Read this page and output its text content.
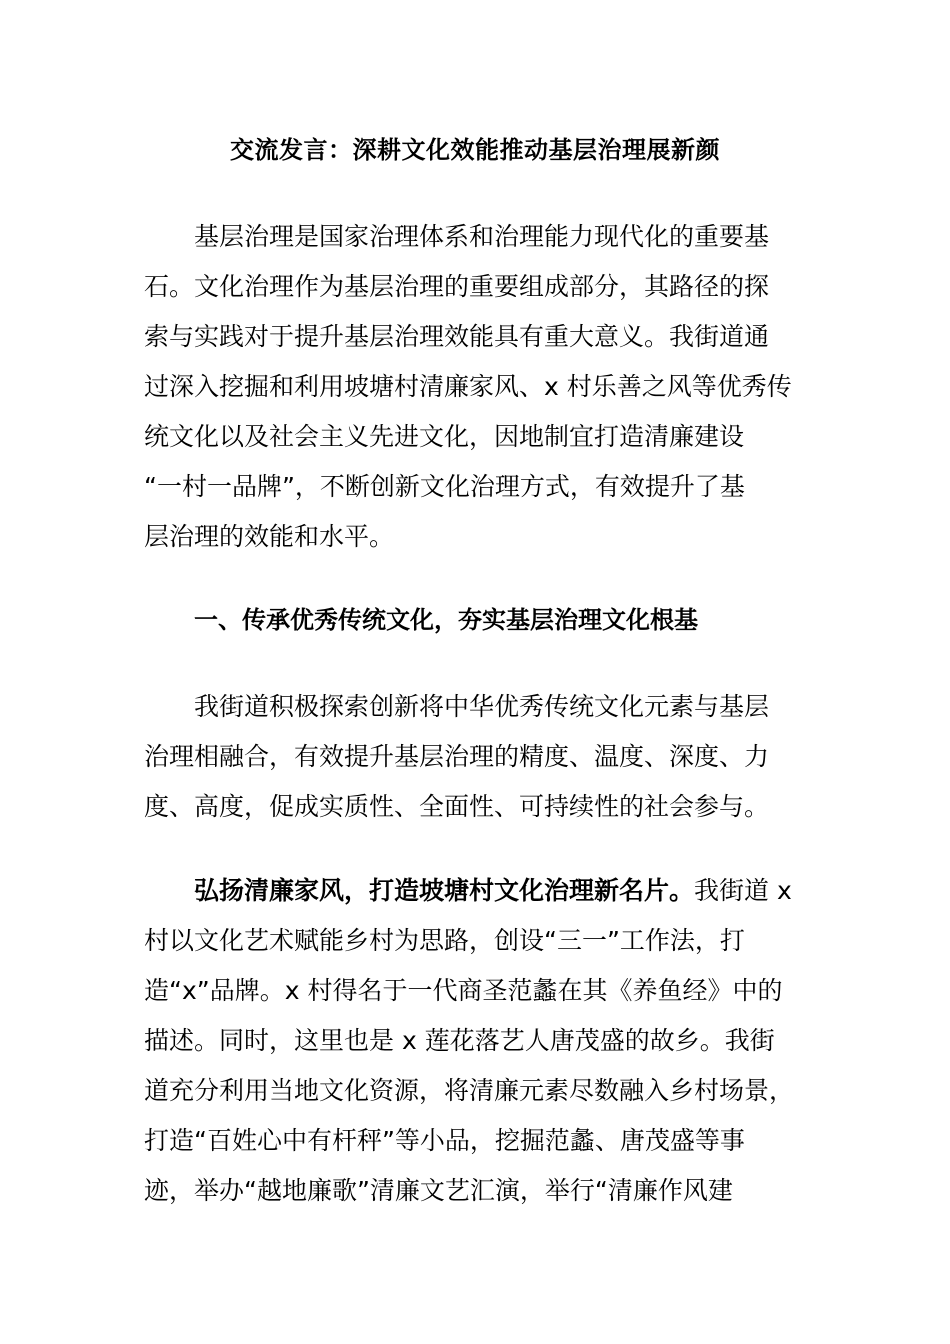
交流发言：深耕文化效能推动基层治理展新颜
基层治理是国家治理体系和治理能力现代化的重要基
石。文化治理作为基层治理的重要组成部分，其路径的探
索与实践对于提升基层治理效能具有重大意义。我街道通
过深入挖掘和利用坡塘村清廉家风、x 村乐善之风等优秀传
统文化以及社会主义先进文化，因地制宜打造清廉建设
“一村一品牌”，不断创新文化治理方式，有效提升了基
层治理的效能和水平。
一、传承优秀传统文化，夯实基层治理文化根基
我街道积极探索创新将中华优秀传统文化元素与基层
治理相融合，有效提升基层治理的精度、温度、深度、力
度、高度，促成实质性、全面性、可持续性的社会参与。
弘扬清廉家风，打造坡塘村文化治理新名片。我街道 x
村以文化艺术赋能乡村为思路，创设“三一”工作法，打
造“x”品牌。x 村得名于一代商圣范蠡在其《养鱼经》中的
描述。同时，这里也是 x 莲花落艺人唐茂盛的故乡。我街
道充分利用当地文化资源，将清廉元素尽数融入乡村场景，
打造“百姓心中有杆秤”等小品，挖掘范蠡、唐茂盛等事
迹，举办“越地廉歌”清廉文艺汇演，举行“清廉作风建
